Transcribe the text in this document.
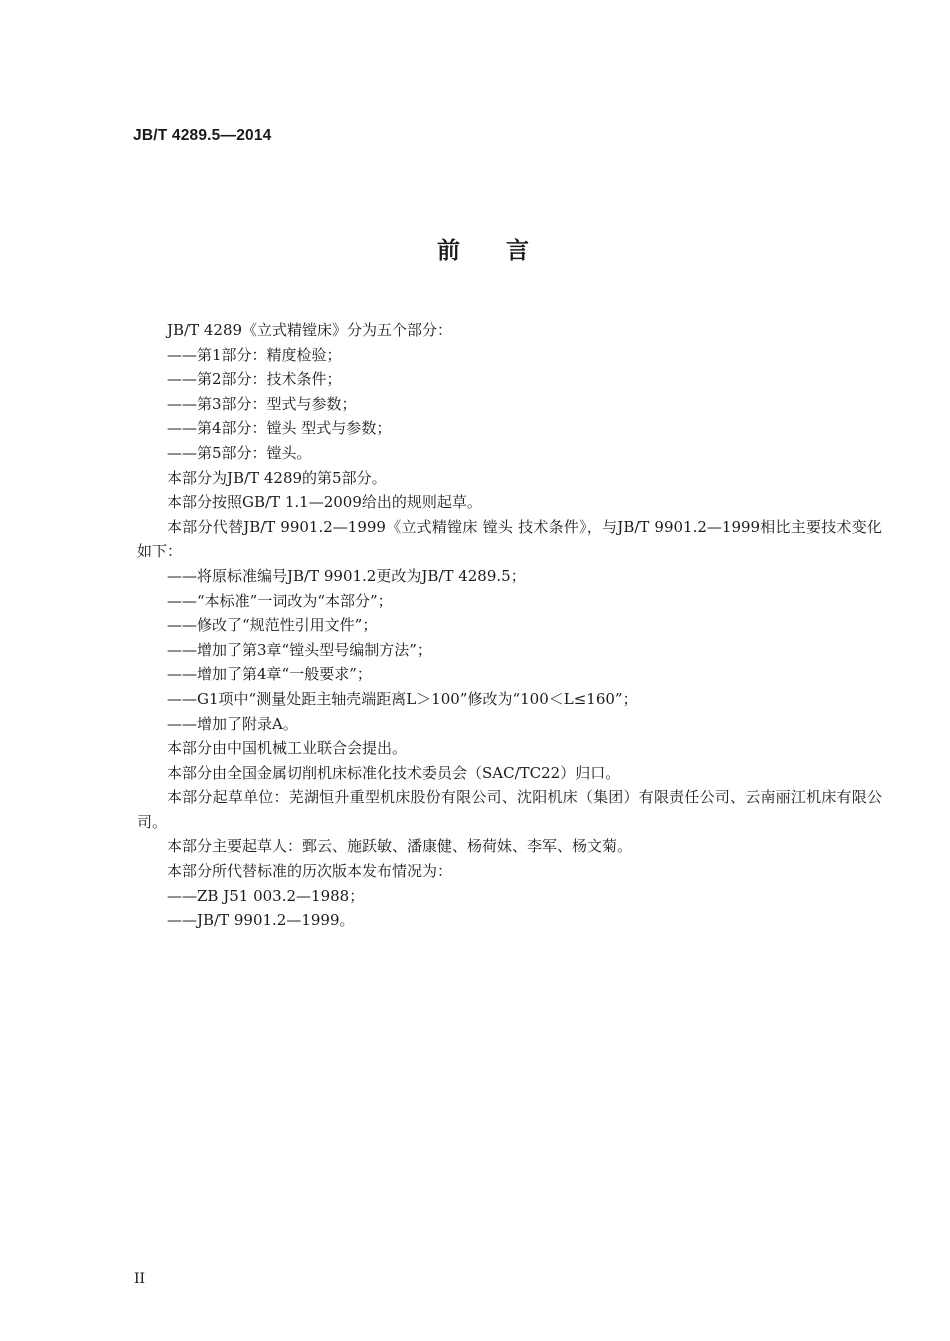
JB/T 4289.5—2014
前言
JB/T 4289《立式精镗床》分为五个部分：
——第1部分：精度检验；
——第2部分：技术条件；
——第3部分：型式与参数；
——第4部分：镗头 型式与参数；
——第5部分：镗头。
本部分为JB/T 4289的第5部分。
本部分按照GB/T 1.1—2009给出的规则起草。
本部分代替JB/T 9901.2—1999《立式精镗床 镗头 技术条件》，与JB/T 9901.2—1999相比主要技术变化如下：
——将原标准编号JB/T 9901.2更改为JB/T 4289.5；
——“本标准”一词改为“本部分”；
——修改了“规范性引用文件”；
——增加了第3章“镗头型号编制方法”；
——增加了第4章“一般要求”；
——G1项中“测量处距主轴壳端距离L＞100”修改为“100＜L≤160”；
——增加了附录A。
本部分由中国机械工业联合会提出。
本部分由全国金属切削机床标准化技术委员会（SAC/TC22）归口。
本部分起草单位：芜湖恒升重型机床股份有限公司、沈阳机床（集团）有限责任公司、云南丽江机床有限公司。
本部分主要起草人：鄄云、施跃敏、潘康健、杨荷妹、李军、杨文菊。
本部分所代替标准的历次版本发布情况为：
——ZB J51 003.2—1988；
——JB/T 9901.2—1999。
II
